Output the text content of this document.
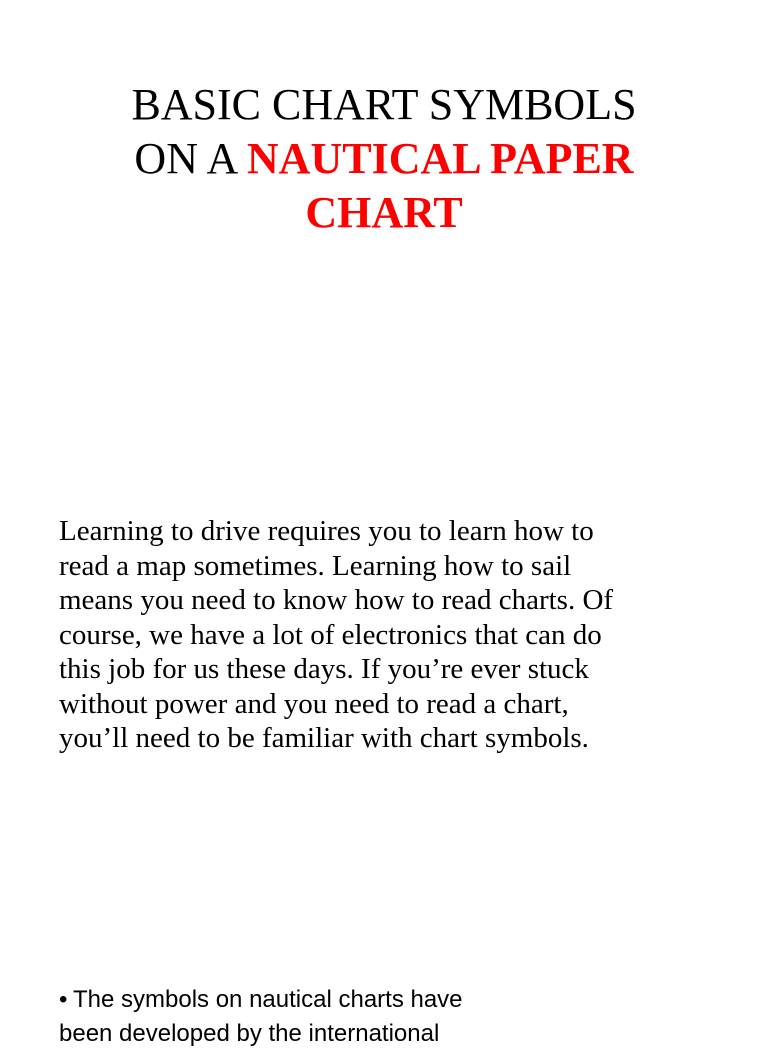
BASIC CHART SYMBOLS
ON A NAUTICAL PAPER
CHART

Learning to drive requires you to learn how to
read a map sometimes. Learning how to sail
means you need to know how to read charts. Of
course, we have a lot of electronics that can do
this job for us these days. If you’re ever stuck
without power and you need to read a chart,
you’ll need to be familiar with chart symbols.

• The symbols on nautical charts have
been developed by the international
